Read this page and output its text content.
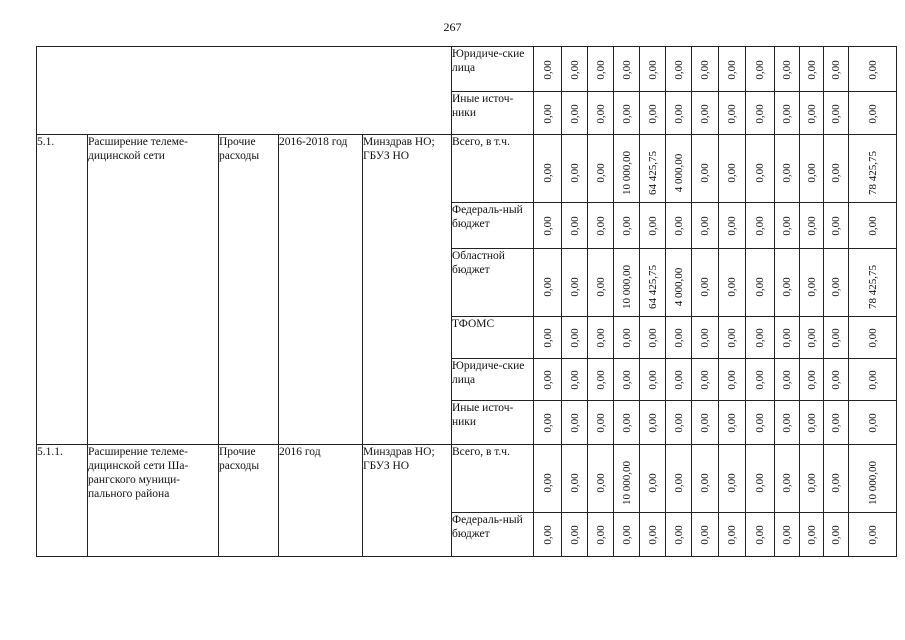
267
					Юридиче-ские лица	0,00	0,00	0,00	0,00	0,00	0,00	0,00	0,00	0,00	0,00	0,00	0,00	0,00

					Иные источ-ники	0,00	0,00	0,00	0,00	0,00	0,00	0,00	0,00	0,00	0,00	0,00	0,00	0,00

5.1.	Расширение телеме-дицинской сети	Прочие расходы	2016-2018 год	Минздрав НО; ГБУЗ НО	Всего, в т.ч.	0,00	0,00	0,00	10 000,00	64 425,75	4 000,00	0,00	0,00	0,00	0,00	0,00	0,00	78 425,75

					Федераль-ный бюджет	0,00	0,00	0,00	0,00	0,00	0,00	0,00	0,00	0,00	0,00	0,00	0,00	0,00

					Областной бюджет	0,00	0,00	0,00	10 000,00	64 425,75	4 000,00	0,00	0,00	0,00	0,00	0,00	0,00	78 425,75

					ТФОМС	0,00	0,00	0,00	0,00	0,00	0,00	0,00	0,00	0,00	0,00	0,00	0,00	0,00

					Юридиче-ские лица	0,00	0,00	0,00	0,00	0,00	0,00	0,00	0,00	0,00	0,00	0,00	0,00	0,00

					Иные источ-ники	0,00	0,00	0,00	0,00	0,00	0,00	0,00	0,00	0,00	0,00	0,00	0,00	0,00

5.1.1.	Расширение телеме-дицинской сети Ша-рангского муници-пального района	Прочие расходы	2016 год	Минздрав НО; ГБУЗ НО	Всего, в т.ч.	0,00	0,00	0,00	10 000,00	0,00	0,00	0,00	0,00	0,00	0,00	0,00	0,00	10 000,00

					Федераль-ный бюджет	0,00	0,00	0,00	0,00	0,00	0,00	0,00	0,00	0,00	0,00	0,00	0,00	0,00
